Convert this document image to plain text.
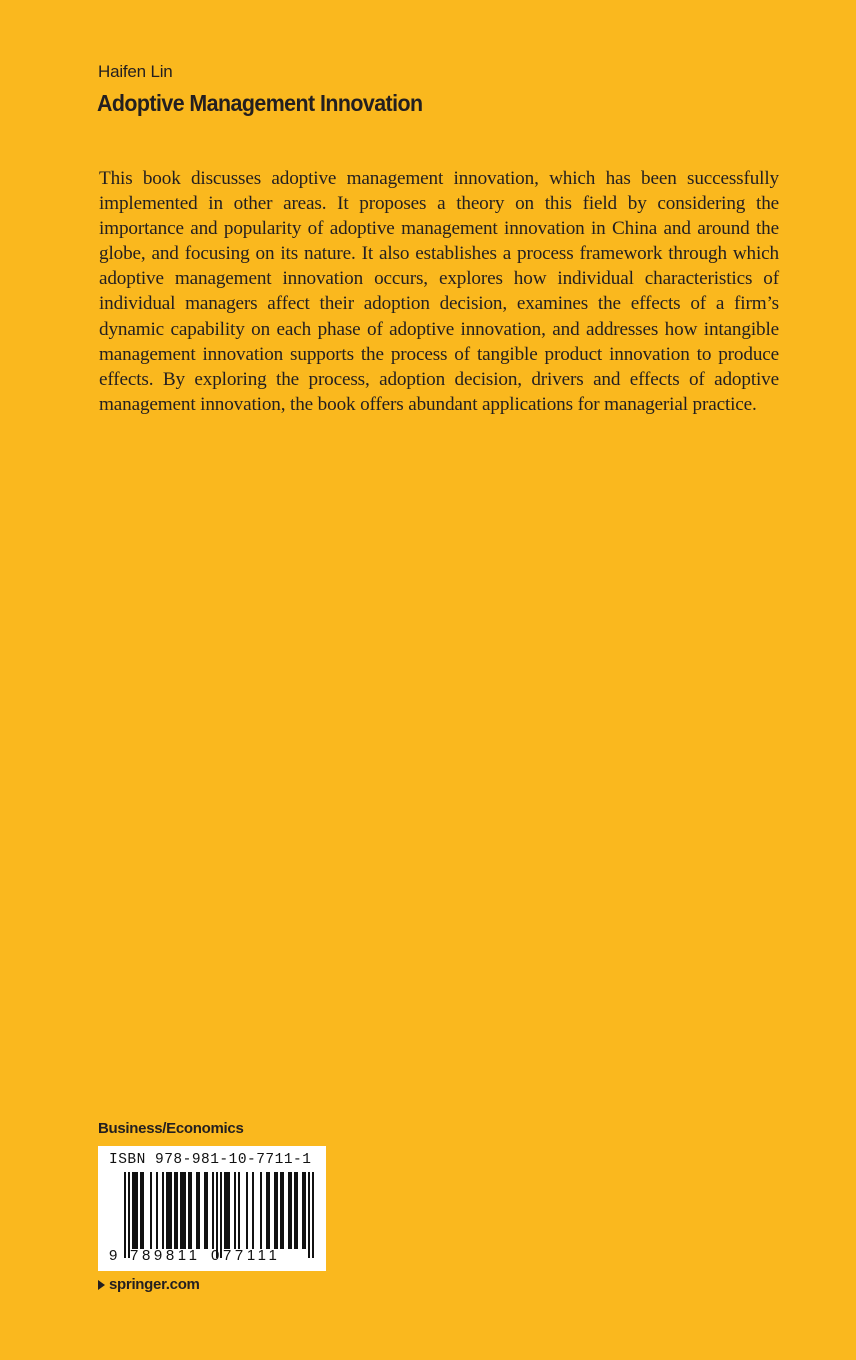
Haifen Lin
Adoptive Management Innovation

This book discusses adoptive management innovation, which has been successfully implemented in other areas. It proposes a theory on this field by considering the importance and popularity of adoptive management innovation in China and around the globe, and focusing on its nature. It also establishes a process framework through which adoptive management innovation occurs, explores how individual characteristics of individual managers affect their adoption decision, examines the effects of a firm’s dynamic capability on each phase of adoptive innovation, and addresses how intangible management innovation supports the process of tangible product innovation to produce effects. By exploring the process, adoption decision, drivers and effects of adoptive management innovation, the book offers abundant applications for managerial practice.

Business/Economics
ISBN 978-981-10-7711-1
9 789811 077111
springer.com
